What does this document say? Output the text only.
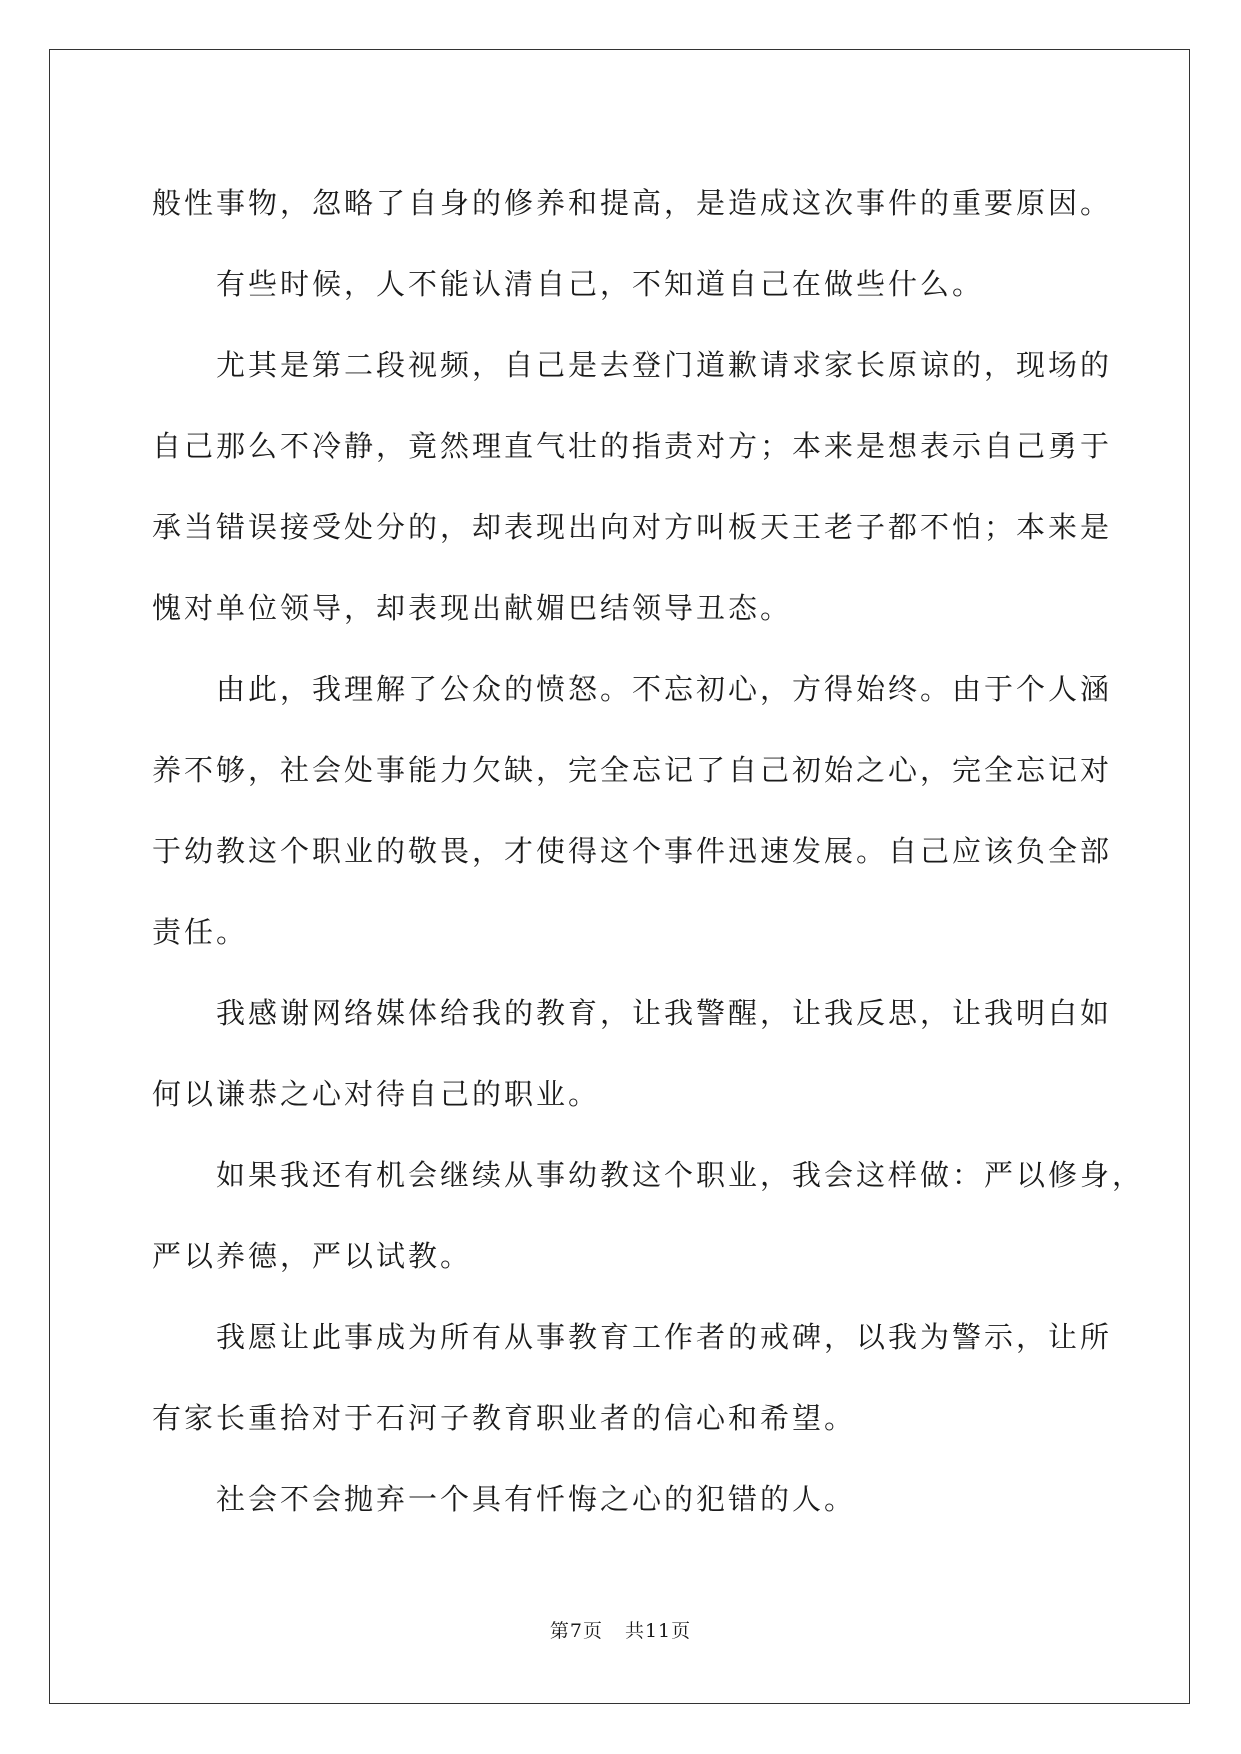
般性事物，忽略了自身的修养和提高，是造成这次事件的重要原因。
有些时候，人不能认清自己，不知道自己在做些什么。
尤其是第二段视频，自己是去登门道歉请求家长原谅的，现场的
自己那么不冷静，竟然理直气壮的指责对方；本来是想表示自己勇于
承当错误接受处分的，却表现出向对方叫板天王老子都不怕；本来是
愧对单位领导，却表现出献媚巴结领导丑态。
由此，我理解了公众的愤怒。不忘初心，方得始终。由于个人涵
养不够，社会处事能力欠缺，完全忘记了自己初始之心，完全忘记对
于幼教这个职业的敬畏，才使得这个事件迅速发展。自己应该负全部
责任。
我感谢网络媒体给我的教育，让我警醒，让我反思，让我明白如
何以谦恭之心对待自己的职业。
如果我还有机会继续从事幼教这个职业，我会这样做：严以修身，
严以养德，严以试教。
我愿让此事成为所有从事教育工作者的戒碑，以我为警示，让所
有家长重拾对于石河子教育职业者的信心和希望。
社会不会抛弃一个具有忏悔之心的犯错的人。
第7页 共11页
